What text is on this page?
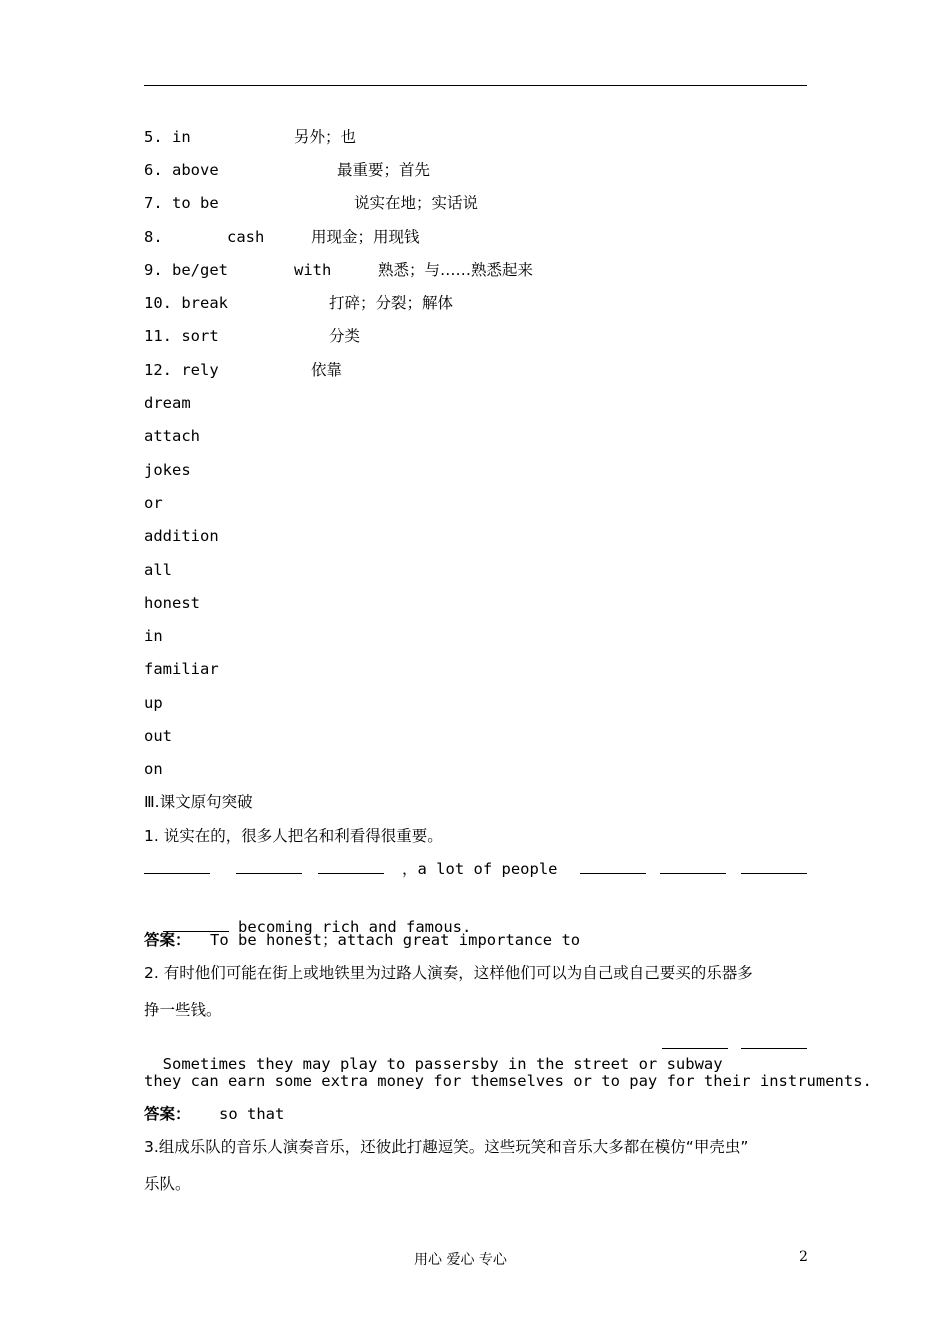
5. in	另外；也
6. above	最重要；首先
7. to be	说实在地；实话说
8.	cash	用现金；用现钱
9. be/get	with	熟悉；与……熟悉起来
10. break	打碎；分裂；解体
11. sort	分类
12. rely	依靠
dream
attach
jokes
or
addition
all
honest
in
familiar
up
out
on
Ⅲ.课文原句突破
1. 说实在的，很多人把名和利看得很重要。

，a lot of people

becoming rich and famous.

答案： To be honest；attach great importance to
2. 有时他们可能在街上或地铁里为过路人演奏，这样他们可以为自己或自己要买的乐器多
挣一些钱。

Sometimes they may play to passersby in the street or subway

they can earn some extra money for themselves or to pay for their instruments.
答案： so that
3.组成乐队的音乐人演奏音乐，还彼此打趣逗笑。这些玩笑和音乐大多都在模仿“甲壳虫”
乐队。
用心 爱心 专心	2
